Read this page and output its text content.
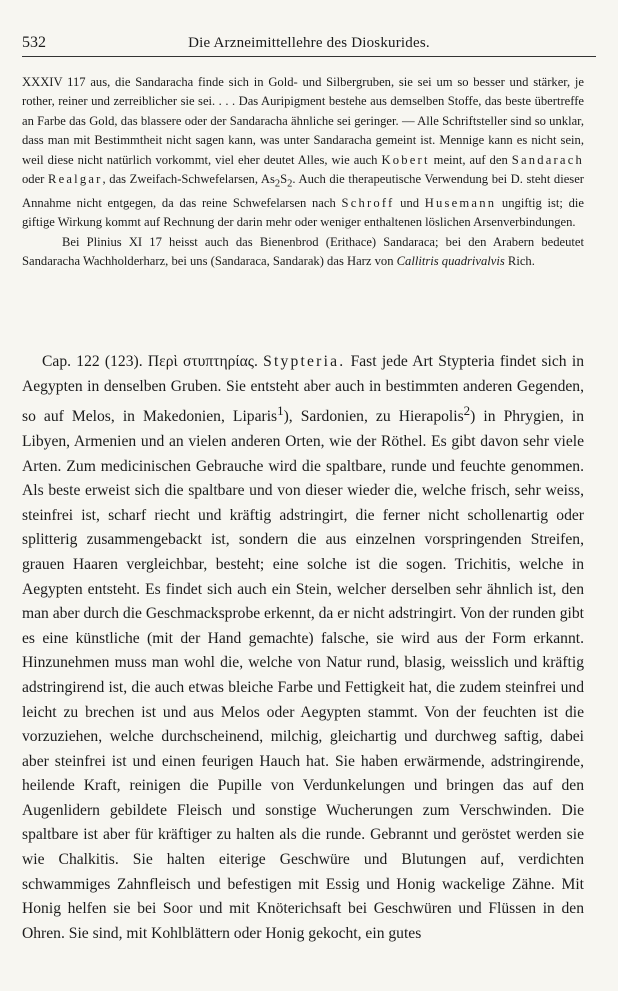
532	Die Arzneimittellehre des Dioskurides.

XXXIV 117 aus, die Sandaracha finde sich in Gold- und Silbergruben, sie sei um so besser und stärker, je rother, reiner und zerreiblicher sie sei. . . . Das Auripigment bestehe aus demselben Stoffe, das beste übertreffe an Farbe das Gold, das blassere oder der Sandaracha ähnliche sei geringer. — Alle Schriftsteller sind so unklar, dass man mit Bestimmtheit nicht sagen kann, was unter Sandaracha gemeint ist. Mennige kann es nicht sein, weil diese nicht natürlich vorkommt, viel eher deutet Alles, wie auch Kobert meint, auf den Sandarach oder Realgar, das Zweifach-Schwefelarsen, $As_2S_2$. Auch die therapeutische Verwendung bei D. steht dieser Annahme nicht entgegen, da das reine Schwefelarsen nach Schroff und Husemann ungiftig ist; die giftige Wirkung kommt auf Rechnung der darin mehr oder weniger enthaltenen löslichen Arsenverbindungen.

Bei Plinius XI 17 heisst auch das Bienenbrod (Erithace) Sandaraca; bei den Arabern bedeutet Sandaracha Wachholderharz, bei uns (Sandaraca, Sandarak) das Harz von Callitris quadrivalvis Rich.

Cap. 122 (123). Περὶ στυπτηρίας. Stypteria. Fast jede Art Stypteria findet sich in Aegypten in denselben Gruben. Sie entsteht aber auch in bestimmten anderen Gegenden, so auf Melos, in Makedonien, Liparis$^1$), Sardonien, zu Hierapolis$^2$) in Phrygien, in Libyen, Armenien und an vielen anderen Orten, wie der Röthel. Es gibt davon sehr viele Arten. Zum medicinischen Gebrauche wird die spaltbare, runde und feuchte genommen. Als beste erweist sich die spaltbare und von dieser wieder die, welche frisch, sehr weiss, steinfrei ist, scharf riecht und kräftig adstringirt, die ferner nicht schollenartig oder splitterig zusammengebackt ist, sondern die aus einzelnen vorspringenden Streifen, grauen Haaren vergleichbar, besteht; eine solche ist die sogen. Trichitis, welche in Aegypten entsteht. Es findet sich auch ein Stein, welcher derselben sehr ähnlich ist, den man aber durch die Geschmacksprobe erkennt, da er nicht adstringirt. Von der runden gibt es eine künstliche (mit der Hand gemachte) falsche, sie wird aus der Form erkannt. Hinzunehmen muss man wohl die, welche von Natur rund, blasig, weisslich und kräftig adstringirend ist, die auch etwas bleiche Farbe und Fettigkeit hat, die zudem steinfrei und leicht zu brechen ist und aus Melos oder Aegypten stammt. Von der feuchten ist die vorzuziehen, welche durchscheinend, milchig, gleichartig und durchweg saftig, dabei aber steinfrei ist und einen feurigen Hauch hat. Sie haben erwärmende, adstringirende, heilende Kraft, reinigen die Pupille von Verdunkelungen und bringen das auf den Augenlidern gebildete Fleisch und sonstige Wucherungen zum Verschwinden. Die spaltbare ist aber für kräftiger zu halten als die runde. Gebrannt und geröstet werden sie wie Chalkitis. Sie halten eiterige Geschwüre und Blutungen auf, verdichten schwammiges Zahnfleisch und befestigen mit Essig und Honig wackelige Zähne. Mit Honig helfen sie bei Soor und mit Knöterichsaft bei Geschwüren und Flüssen in den Ohren. Sie sind, mit Kohlblättern oder Honig gekocht, ein gutes
